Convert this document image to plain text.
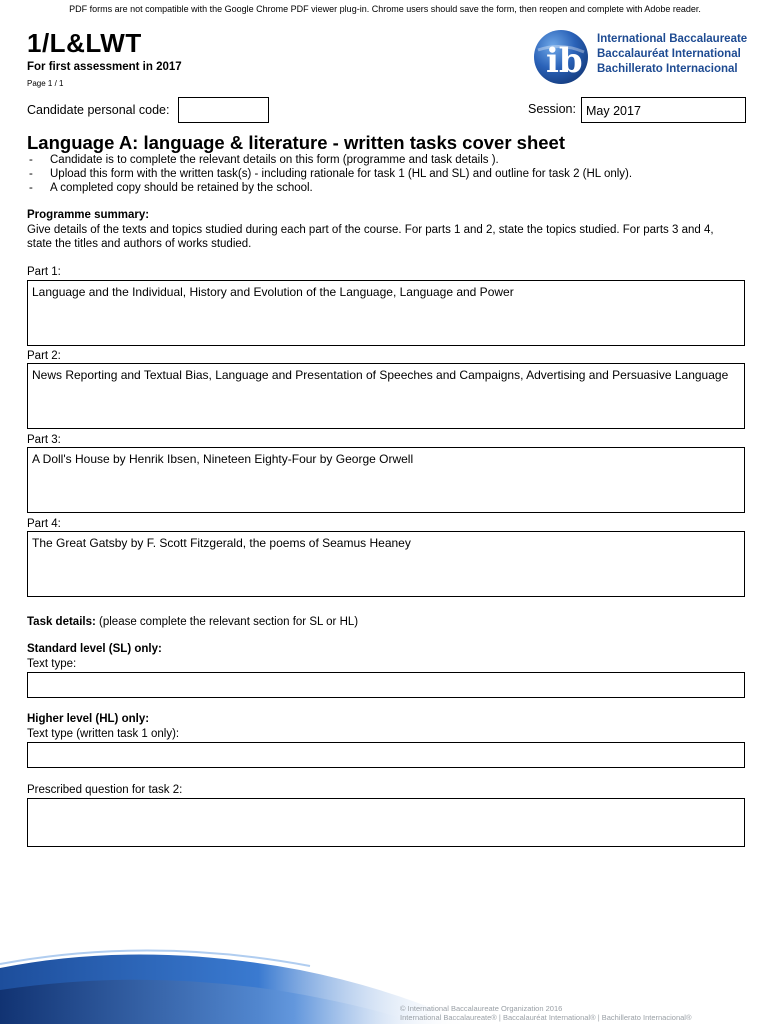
PDF forms are not compatible with the Google Chrome PDF viewer plug-in. Chrome users should save the form, then reopen and complete with Adobe reader.
1/L&LWT
For first assessment in 2017
Page 1 / 1
ib
International Baccalaureate
Baccalauréat International
Bachillerato Internacional
Candidate personal code:	Session: May 2017
Language A: language & literature - written tasks cover sheet
- Candidate is to complete the relevant details on this form (programme and task details ).
- Upload this form with the written task(s) - including rationale for task 1 (HL and SL) and outline for task 2 (HL only).
- A completed copy should be retained by the school.
Programme summary:
Give details of the texts and topics studied during each part of the course. For parts 1 and 2, state the topics studied. For parts 3 and 4, state the titles and authors of works studied.
Part 1:
Language and the Individual, History and Evolution of the Language, Language and Power
Part 2:
News Reporting and Textual Bias, Language and Presentation of Speeches and Campaigns, Advertising and Persuasive Language
Part 3:
A Doll's House by Henrik Ibsen, Nineteen Eighty-Four by George Orwell
Part 4:
The Great Gatsby by F. Scott Fitzgerald, the poems of Seamus Heaney
Task details: (please complete the relevant section for SL or HL)
Standard level (SL) only:
Text type:
Higher level (HL) only:
Text type (written task 1 only):
Prescribed question for task 2:
© International Baccalaureate Organization 2016
International Baccalaureate® | Baccalauréat International® | Bachillerato Internacional®
